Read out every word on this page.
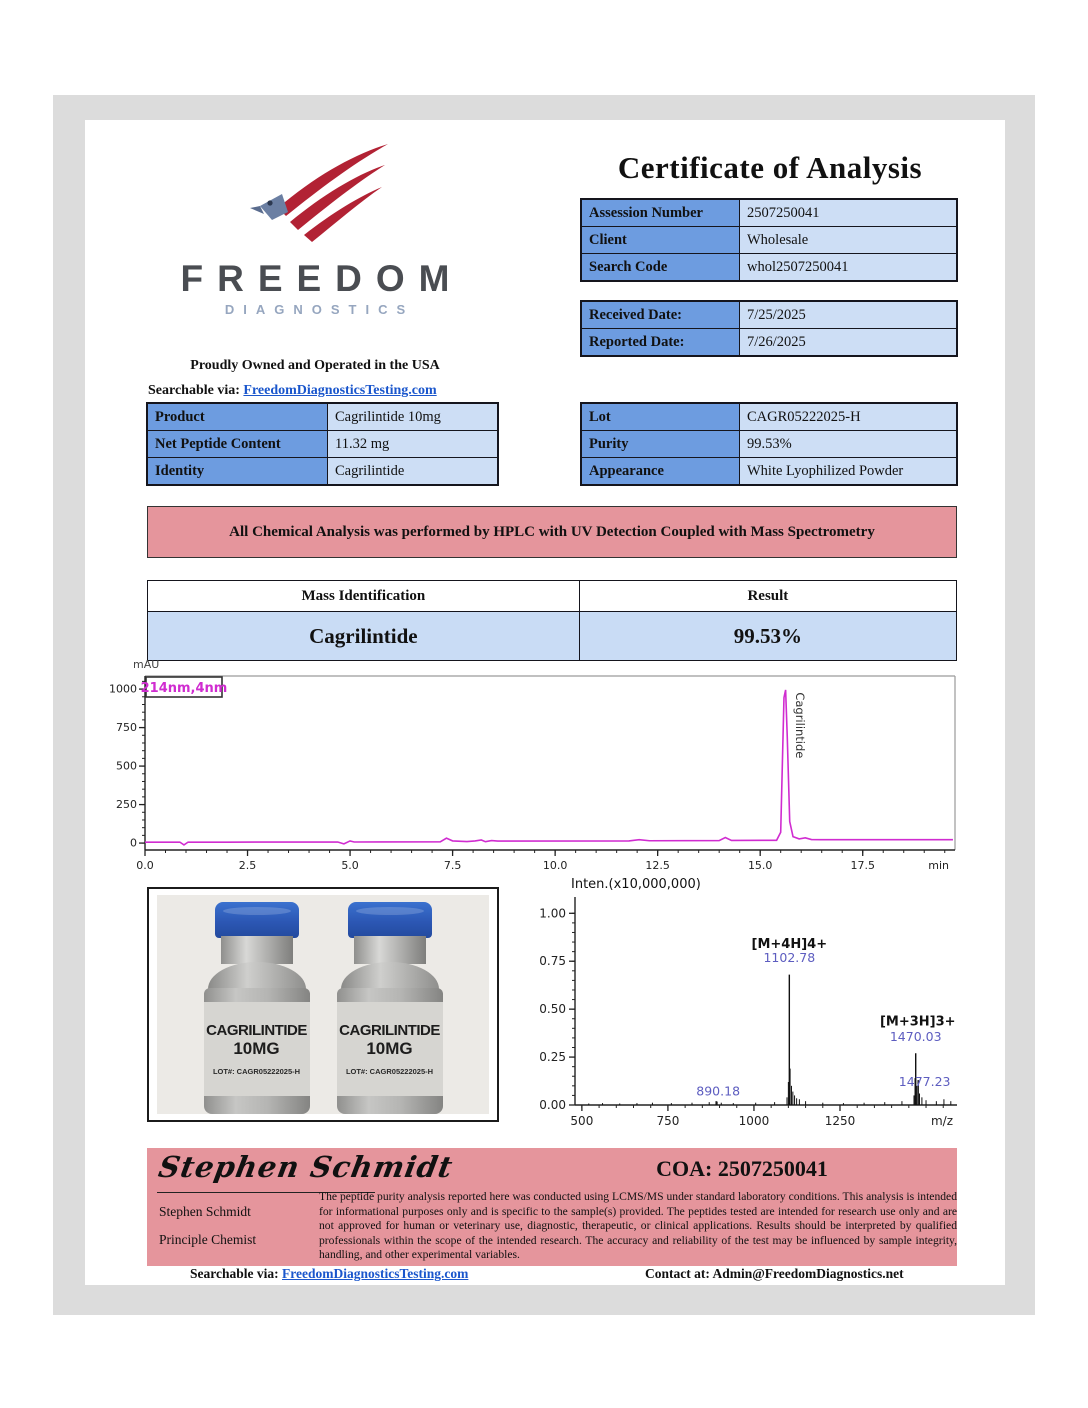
FREEDOM
DIAGNOSTICS
Proudly Owned and Operated in the USA
Searchable via: FreedomDiagnosticsTesting.com
Certificate of Analysis
Assession Number	2507250041
Client	Wholesale
Search Code	whol2507250041
Received Date:	7/25/2025
Reported Date:	7/26/2025
Product	Cagrilintide 10mg
Net Peptide Content	11.32 mg
Identity	Cagrilintide
Lot	CAGR05222025-H
Purity	99.53%
Appearance	White Lyophilized Powder
All Chemical Analysis was performed by HPLC with UV Detection Coupled with Mass Spectrometry
Mass Identification	Result
Cagrilintide	99.53%
0
250
500
750
1000
0.0	2.5	5.0	7.5	10.0	12.5	15.0	17.5	min
mAU
214nm,4nm
Cagrilintide
CAGRILINTIDE
10MG
LOT#: CAGR05222025-H
CAGRILINTIDE
10MG
LOT#: CAGR05222025-H
0.00
0.25
0.50
0.75
1.00
500	750	1000	1250	m/z
Inten.(x10,000,000)
890.18
1102.78
[M+4H]4+
1470.03
[M+3H]3+
1477.23
Stephen Schmidt	COA: 2507250041
Stephen Schmidt
Principle Chemist
The peptide purity analysis reported here was conducted using LCMS/MS under standard laboratory conditions. This analysis is intended for informational purposes only and is specific to the sample(s) provided. The peptides tested are intended for research use only and are not approved for human or veterinary use, diagnostic, therapeutic, or clinical applications. Results should be interpreted by qualified professionals within the scope of the intended research. The accuracy and reliability of the test may be influenced by sample integrity, handling, and other experimental variables.
Searchable via: FreedomDiagnosticsTesting.com	Contact at: Admin@FreedomDiagnostics.net
